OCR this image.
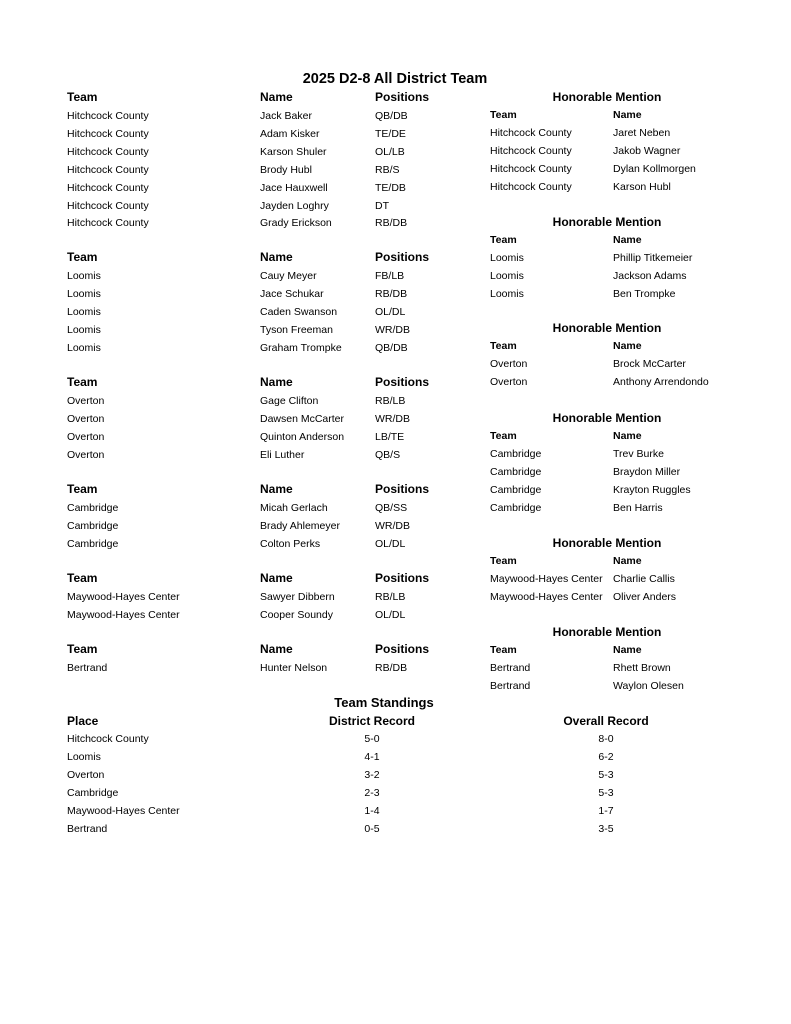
2025 D2-8 All District Team
Team	Name	Positions
Hitchcock County	Jack Baker	QB/DB
Hitchcock County	Adam Kisker	TE/DE
Hitchcock County	Karson Shuler	OL/LB
Hitchcock County	Brody Hubl	RB/S
Hitchcock County	Jace Hauxwell	TE/DB
Hitchcock County	Jayden Loghry	DT
Hitchcock County	Grady Erickson	RB/DB
Team	Name	Positions
Loomis	Cauy Meyer	FB/LB
Loomis	Jace Schukar	RB/DB
Loomis	Caden Swanson	OL/DL
Loomis	Tyson Freeman	WR/DB
Loomis	Graham Trompke	QB/DB
Team	Name	Positions
Overton	Gage Clifton	RB/LB
Overton	Dawsen McCarter	WR/DB
Overton	Quinton Anderson	LB/TE
Overton	Eli Luther	QB/S
Team	Name	Positions
Cambridge	Micah Gerlach	QB/SS
Cambridge	Brady Ahlemeyer	WR/DB
Cambridge	Colton Perks	OL/DL
Team	Name	Positions
Maywood-Hayes Center	Sawyer Dibbern	RB/LB
Maywood-Hayes Center	Cooper Soundy	OL/DL
Team	Name	Positions
Bertrand	Hunter Nelson	RB/DB
Honorable Mention
Team	Name
Hitchcock County	Jaret Neben
Hitchcock County	Jakob Wagner
Hitchcock County	Dylan Kollmorgen
Hitchcock County	Karson Hubl
Honorable Mention
Team	Name
Loomis	Phillip Titkemeier
Loomis	Jackson Adams
Loomis	Ben Trompke
Honorable Mention
Team	Name
Overton	Brock McCarter
Overton	Anthony Arrendondo
Honorable Mention
Team	Name
Cambridge	Trev Burke
Cambridge	Braydon Miller
Cambridge	Krayton Ruggles
Cambridge	Ben Harris
Honorable Mention
Team	Name
Maywood-Hayes Center Charlie Callis
Maywood-Hayes Center Oliver Anders
Honorable Mention
Team	Name
Bertrand	Rhett Brown
Bertrand	Waylon Olesen
Team Standings
Place	District Record	Overall Record
Hitchcock County	5-0	8-0
Loomis	4-1	6-2
Overton	3-2	5-3
Cambridge	2-3	5-3
Maywood-Hayes Center	1-4	1-7
Bertrand	0-5	3-5
